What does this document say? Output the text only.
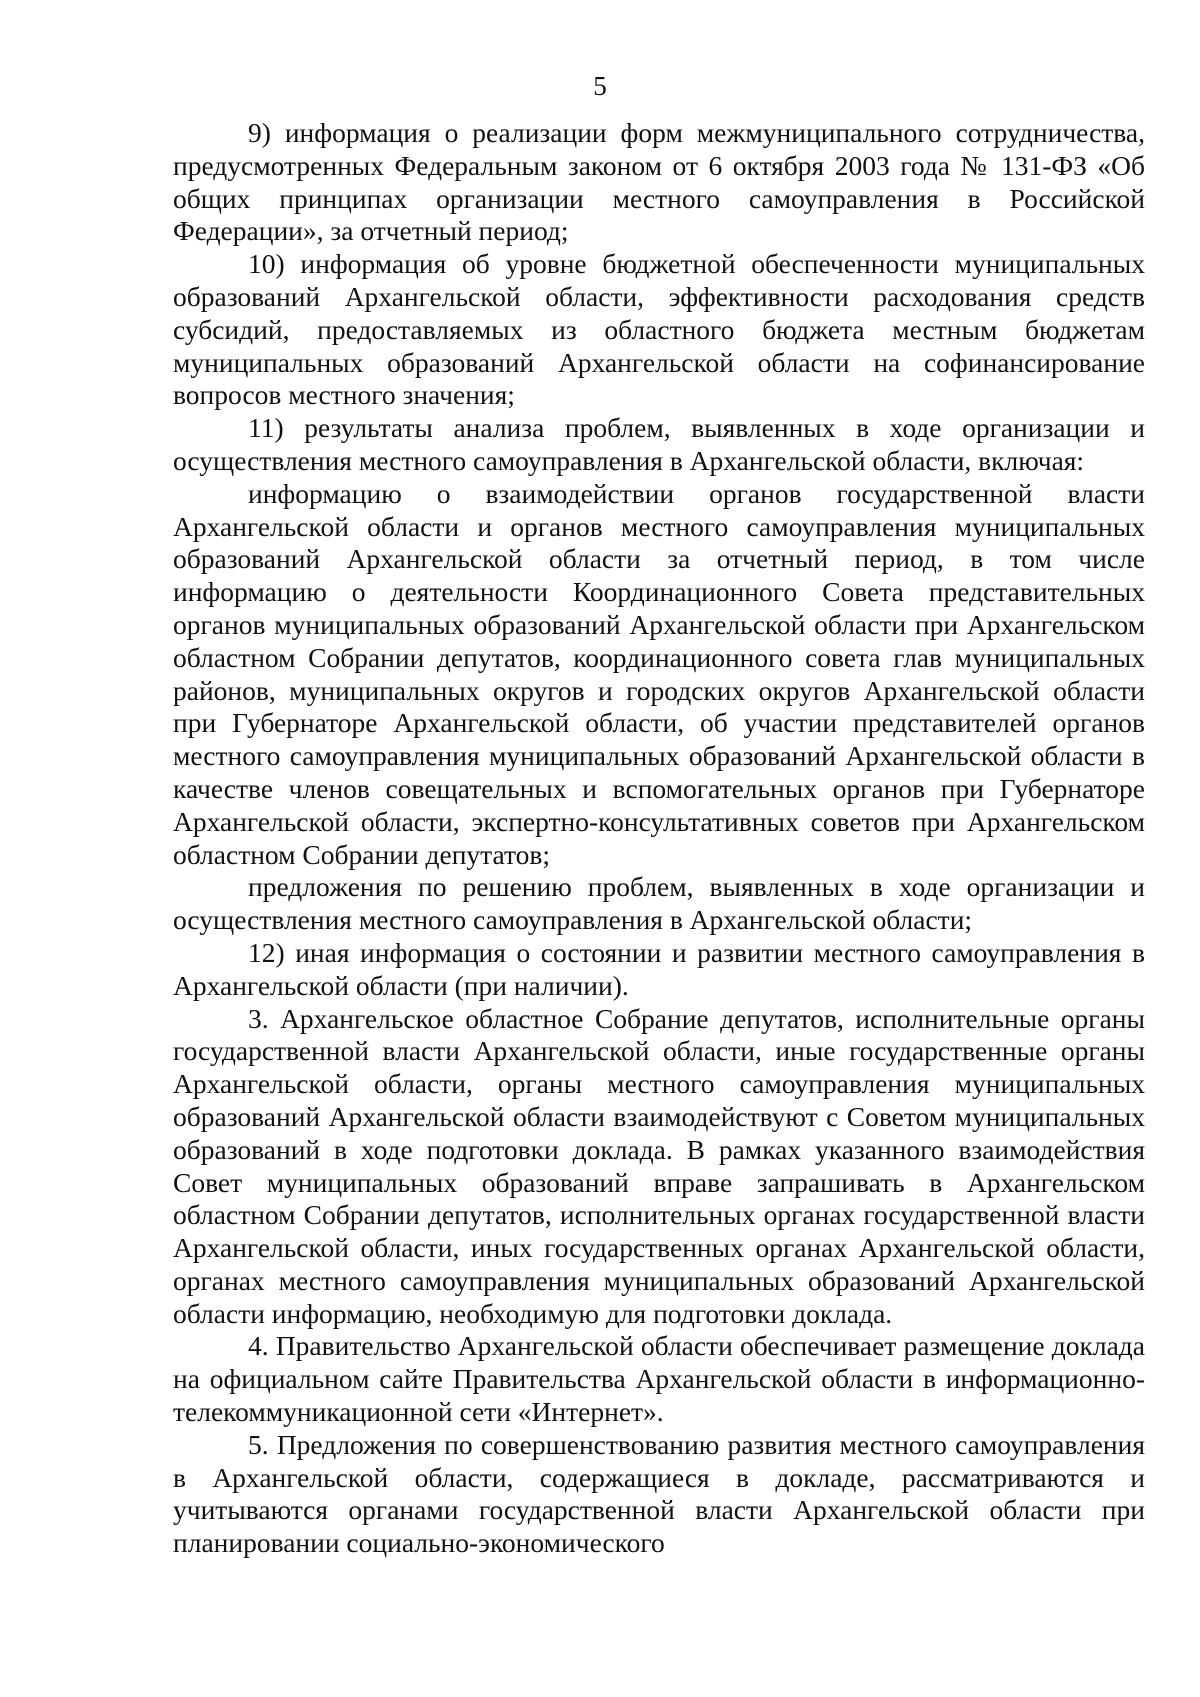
5

9) информация о реализации форм межмуниципального сотрудничества, предусмотренных Федеральным законом от 6 октября 2003 года № 131-ФЗ «Об общих принципах организации местного самоуправления в Российской Федерации», за отчетный период;

10) информация об уровне бюджетной обеспеченности муниципальных образований Архангельской области, эффективности расходования средств субсидий, предоставляемых из областного бюджета местным бюджетам муниципальных образований Архангельской области на софинансирование вопросов местного значения;

11) результаты анализа проблем, выявленных в ходе организации и осуществления местного самоуправления в Архангельской области, включая:

информацию о взаимодействии органов государственной власти Архангельской области и органов местного самоуправления муниципальных образований Архангельской области за отчетный период, в том числе информацию о деятельности Координационного Совета представительных органов муниципальных образований Архангельской области при Архангельском областном Собрании депутатов, координационного совета глав муниципальных районов, муниципальных округов и городских округов Архангельской области при Губернаторе Архангельской области, об участии представителей органов местного самоуправления муниципальных образований Архангельской области в качестве членов совещательных и вспомогательных органов при Губернаторе Архангельской области, экспертно-консультативных советов при Архангельском областном Собрании депутатов;

предложения по решению проблем, выявленных в ходе организации и осуществления местного самоуправления в Архангельской области;

12) иная информация о состоянии и развитии местного самоуправления в Архангельской области (при наличии).

3. Архангельское областное Собрание депутатов, исполнительные органы государственной власти Архангельской области, иные государственные органы Архангельской области, органы местного самоуправления муниципальных образований Архангельской области взаимодействуют с Советом муниципальных образований в ходе подготовки доклада. В рамках указанного взаимодействия Совет муниципальных образований вправе запрашивать в Архангельском областном Собрании депутатов, исполнительных органах государственной власти Архангельской области, иных государственных органах Архангельской области, органах местного самоуправления муниципальных образований Архангельской области информацию, необходимую для подготовки доклада.

4. Правительство Архангельской области обеспечивает размещение доклада на официальном сайте Правительства Архангельской области в информационно-телекоммуникационной сети «Интернет».

5. Предложения по совершенствованию развития местного самоуправления в Архангельской области, содержащиеся в докладе, рассматриваются и учитываются органами государственной власти Архангельской области при планировании социально-экономического
